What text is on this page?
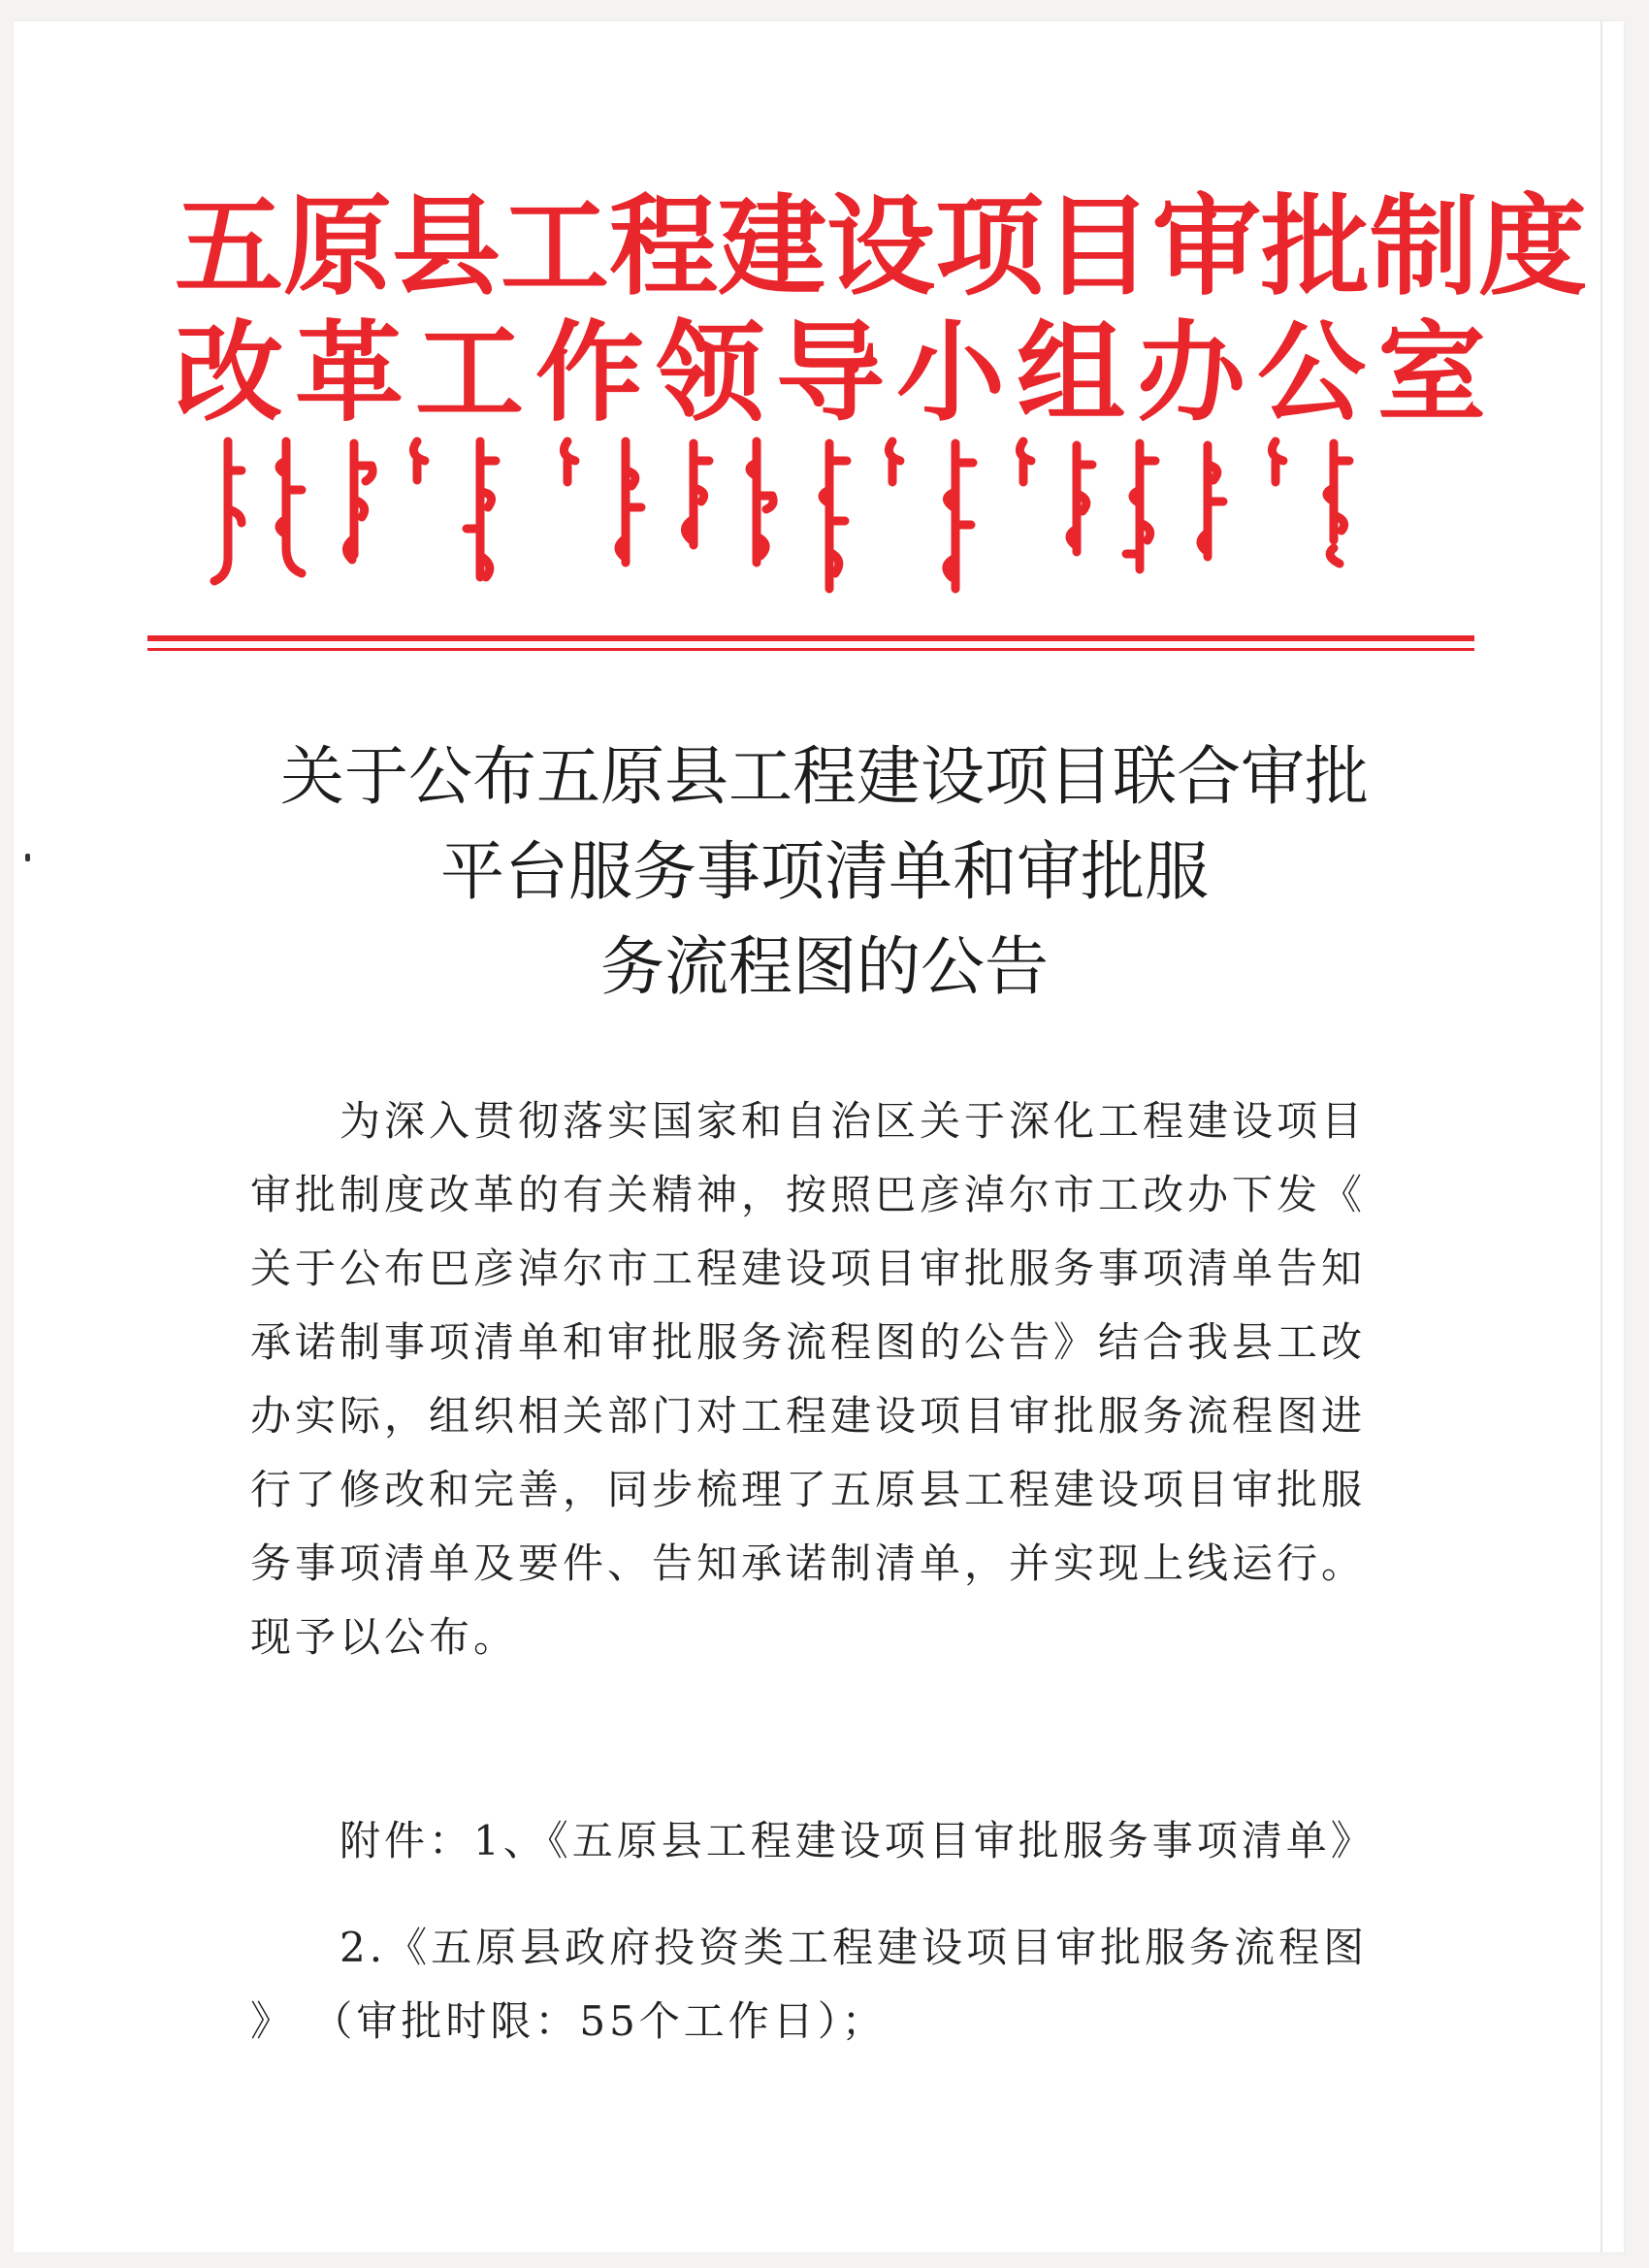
五原县工程建设项目审批制度
改革工作领导小组办公室
关于公布五原县工程建设项目联合审批
平台服务事项清单和审批服
务流程图的公告
为深入贯彻落实国家和自治区关于深化工程建设项目
审批制度改革的有关精神，按照巴彦淖尔市工改办下发《
关于公布巴彦淖尔市工程建设项目审批服务事项清单告知
承诺制事项清单和审批服务流程图的公告》结合我县工改
办实际，组织相关部门对工程建设项目审批服务流程图进
行了修改和完善，同步梳理了五原县工程建设项目审批服
务事项清单及要件、告知承诺制清单，并实现上线运行。
现予以公布。
附件：1、《五原县工程建设项目审批服务事项清单》
2.《五原县政府投资类工程建设项目审批服务流程图
》 （审批时限：55个工作日）；
